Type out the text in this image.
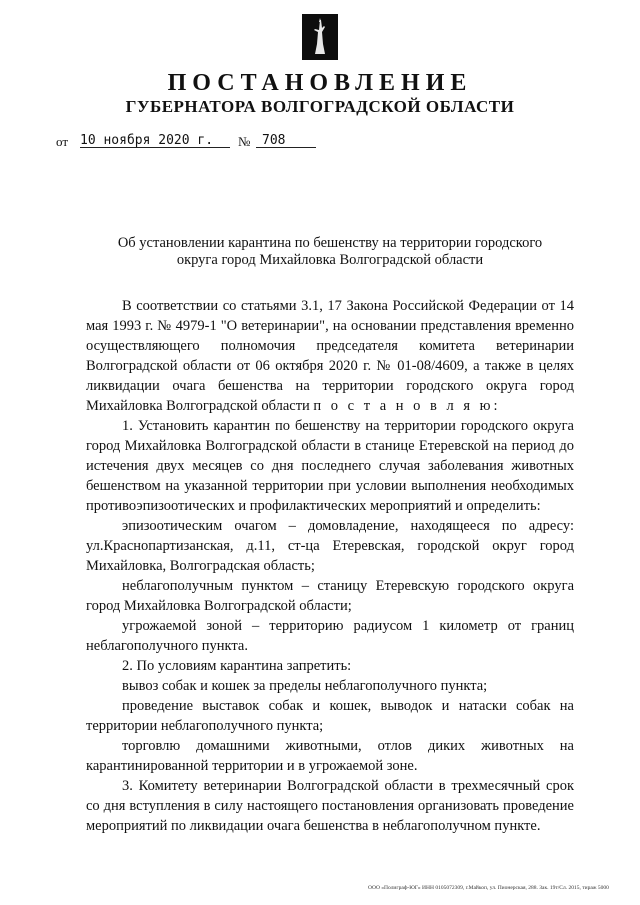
ПОСТАНОВЛЕНИЕ
ГУБЕРНАТОРА ВОЛГОГРАДСКОЙ ОБЛАСТИ
от 10 ноября 2020 г. № 708
Об установлении карантина по бешенству на территории городского
округа город Михайловка Волгоградской области

В соответствии со статьями 3.1, 17 Закона Российской Федерации от 14 мая 1993 г. № 4979-1 "О ветеринарии", на основании представления временно осуществляющего полномочия председателя комитета ветеринарии Волгоградской области от 06 октября 2020 г. № 01-08/4609, а также в целях ликвидации очага бешенства на территории городского округа город Михайловка Волгоградской области п о с т а н о в л я ю:

1. Установить карантин по бешенству на территории городского округа город Михайловка Волгоградской области в станице Етеревской на период до истечения двух месяцев со дня последнего случая заболевания животных бешенством на указанной территории при условии выполнения необходимых противоэпизоотических и профилактических мероприятий и определить:

эпизоотическим очагом – домовладение, находящееся по адресу: ул.Краснопартизанская, д.11, ст-ца Етеревская, городской округ город Михайловка, Волгоградская область;

неблагополучным пунктом – станицу Етеревскую городского округа город Михайловка Волгоградской области;

угрожаемой зоной – территорию радиусом 1 километр от границ неблагополучного пункта.

2. По условиям карантина запретить:

вывоз собак и кошек за пределы неблагополучного пункта;

проведение выставок собак и кошек, выводок и натаски собак на территории неблагополучного пункта;

торговлю домашними животными, отлов диких животных на карантинированной территории и в угрожаемой зоне.

3. Комитету ветеринарии Волгоградской области в трехмесячный срок со дня вступления в силу настоящего постановления организовать проведение мероприятий по ликвидации очага бешенства в неблагополучном пункте.

ООО «Полиграф-ЮГ» ИНН 0105072309, г.Майкоп, ул. Пионерская, 288. Зак. 19т/Сл. 2015, тираж 5000
